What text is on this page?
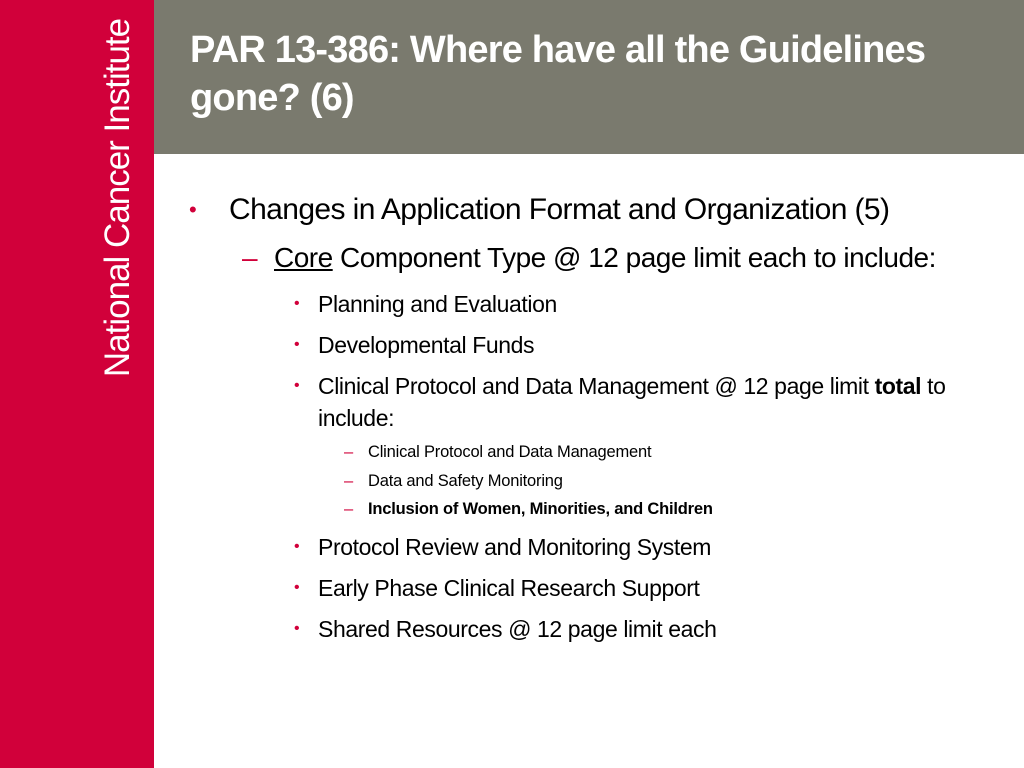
National Cancer Institute PAR 13-386: Where have all the Guidelines gone? (6)
•	Changes in Application Format and Organization (5)
– Core Component Type @ 12 page limit each to include:
• Planning and Evaluation
• Developmental Funds
• Clinical Protocol and Data Management @ 12 page limit total to include:
– Clinical Protocol and Data Management
– Data and Safety Monitoring
– Inclusion of Women, Minorities, and Children
• Protocol Review and Monitoring System
• Early Phase Clinical Research Support
• Shared Resources @ 12 page limit each
